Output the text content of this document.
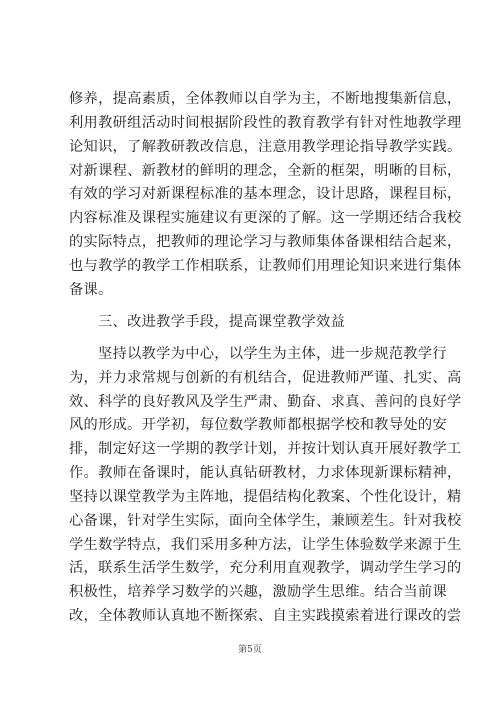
修养，提高素质，全体教师以自学为主，不断地搜集新信息，
利用教研组活动时间根据阶段性的教育教学有针对性地教学理
论知识，了解教研教改信息，注意用教学理论指导教学实践。
对新课程、新教材的鲜明的理念，全新的框架，明晰的目标，
有效的学习对新课程标准的基本理念，设计思路，课程目标，
内容标准及课程实施建议有更深的了解。这一学期还结合我校
的实际特点，把教师的理论学习与教师集体备课相结合起来，
也与教学的教学工作相联系，让教师们用理论知识来进行集体
备课。
三、改进教学手段，提高课堂教学效益
坚持以教学为中心，以学生为主体，进一步规范教学行
为，并力求常规与创新的有机结合，促进教师严谨、扎实、高
效、科学的良好教风及学生严肃、勤奋、求真、善问的良好学
风的形成。开学初，每位数学教师都根据学校和教导处的安
排，制定好这一学期的教学计划，并按计划认真开展好教学工
作。教师在备课时，能认真钻研教材，力求体现新课标精神，
坚持以课堂教学为主阵地，提倡结构化教案、个性化设计，精
心备课，针对学生实际，面向全体学生，兼顾差生。针对我校
学生数学特点，我们采用多种方法，让学生体验数学来源于生
活，联系生活学生数学，充分利用直观教学，调动学生学习的
积极性，培养学习数学的兴趣，激励学生思维。结合当前课
改，全体教师认真地不断探索、自主实践摸索着进行课改的尝
第5页
